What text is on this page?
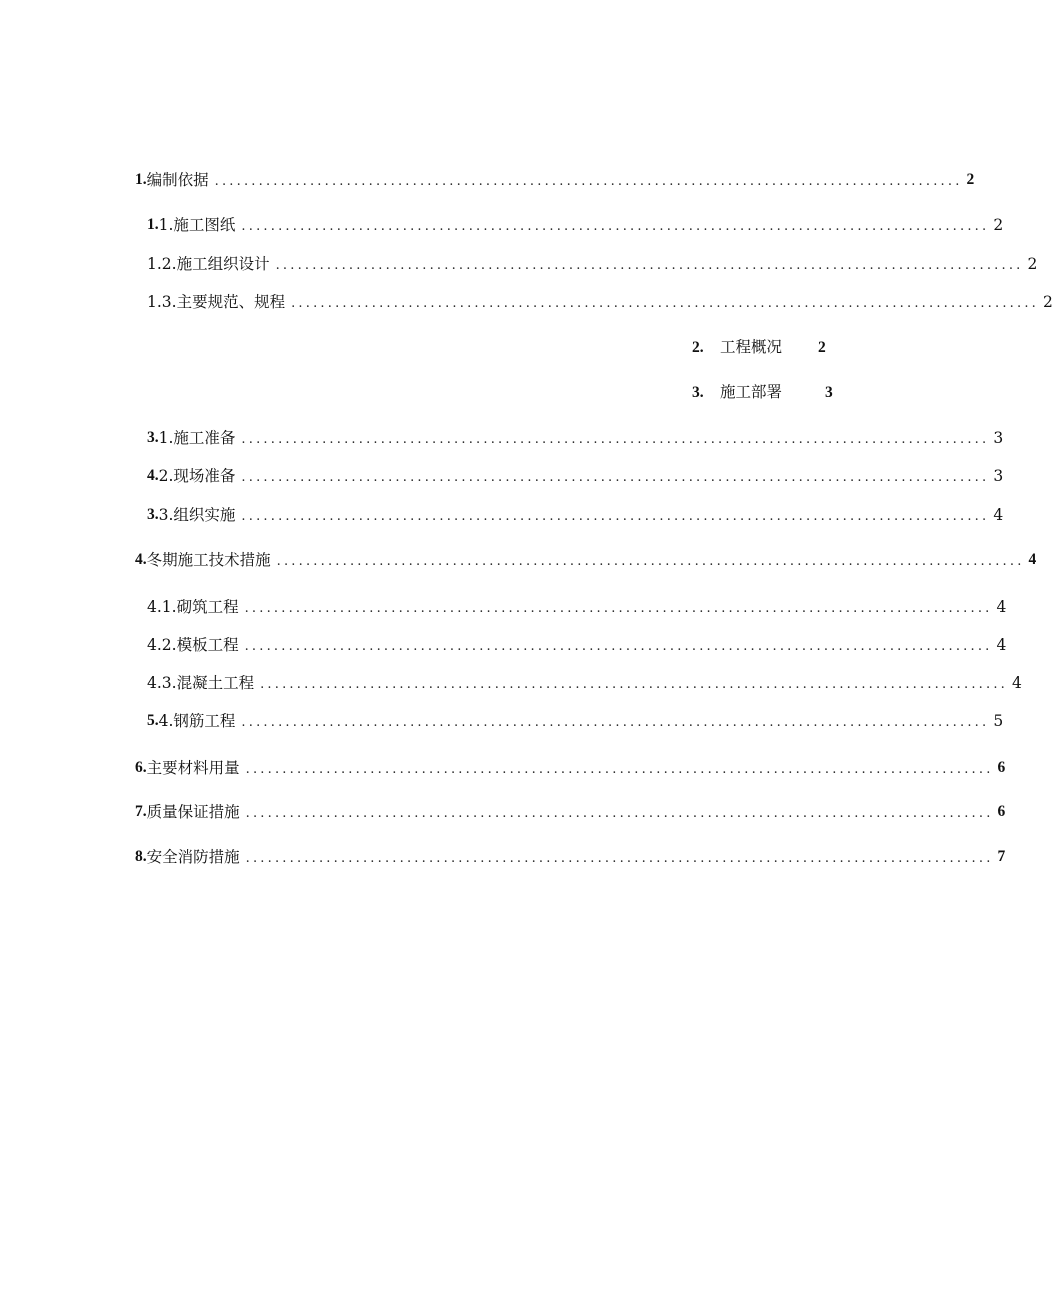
1. 编制依据 ...................................................................................................... 2
1. 1.施工图纸 ...................................................................................................... 2
1.2. 施工组织设计 ...................................................................................................... 2
1.3. 主要规范、规程 ...................................................................................................... 2
2. 工程概况 2
3. 施工部署	3
3. 1.施工准备 ...................................................................................................... 3
4. 2.现场准备 ...................................................................................................... 3
3. 3.组织实施 ...................................................................................................... 4
4. 冬期施工技术措施 ...................................................................................................... 4
4. 1.砌筑工程 ...................................................................................................... 4
4. 2.模板工程 ...................................................................................................... 4
4. 3.混凝土工程 ...................................................................................................... 4
5. 4.钢筋工程 ...................................................................................................... 5
6. 主要材料用量 ...................................................................................................... 6
7. 质量保证措施 ...................................................................................................... 6
8. 安全消防措施 ...................................................................................................... 7
